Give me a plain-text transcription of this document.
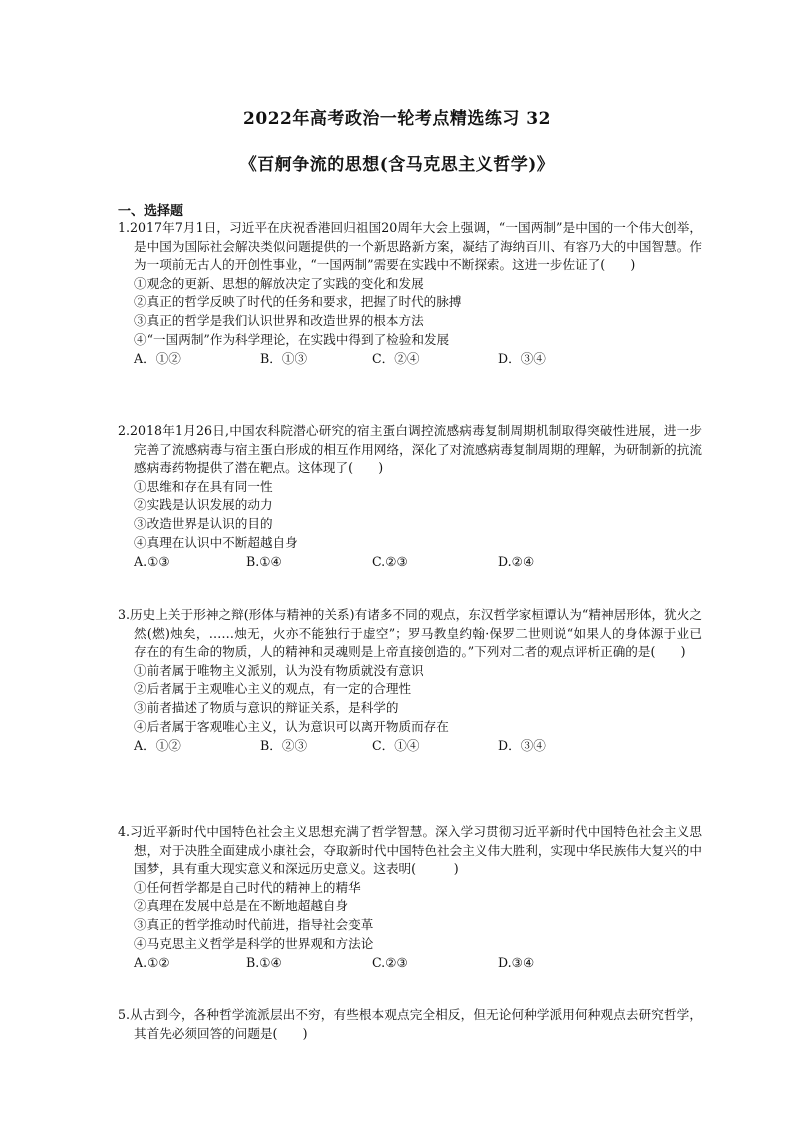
2022年高考政治一轮考点精选练习 32
《百舸争流的思想(含马克思主义哲学)》
一、选择题
1.2017年7月1日，习近平在庆祝香港回归祖国20周年大会上强调，“一国两制”是中国的一个伟大创举，是中国为国际社会解决类似问题提供的一个新思路新方案，凝结了海纳百川、有容乃大的中国智慧。作为一项前无古人的开创性事业，“一国两制”需要在实践中不断探索。这进一步佐证了(　　)
①观念的更新、思想的解放决定了实践的变化和发展
②真正的哲学反映了时代的任务和要求，把握了时代的脉搏
③真正的哲学是我们认识世界和改造世界的根本方法
④“一国两制”作为科学理论，在实践中得到了检验和发展
A．①②	B．①③	C．②④	D．③④
2.2018年1月26日,中国农科院潜心研究的宿主蛋白调控流感病毒复制周期机制取得突破性进展，进一步完善了流感病毒与宿主蛋白形成的相互作用网络，深化了对流感病毒复制周期的理解，为研制新的抗流感病毒药物提供了潜在靶点。这体现了(　　)
①思维和存在具有同一性
②实践是认识发展的动力
③改造世界是认识的目的
④真理在认识中不断超越自身
A.①③	B.①④	C.②③	D.②④
3.历史上关于形神之辩(形体与精神的关系)有诸多不同的观点，东汉哲学家桓谭认为“精神居形体，犹火之然(燃)烛矣，……烛无，火亦不能独行于虚空”；罗马教皇约翰·保罗二世则说“如果人的身体源于业已存在的有生命的物质，人的精神和灵魂则是上帝直接创造的。”下列对二者的观点评析正确的是(　　)
①前者属于唯物主义派别，认为没有物质就没有意识
②后者属于主观唯心主义的观点，有一定的合理性
③前者描述了物质与意识的辩证关系，是科学的
④后者属于客观唯心主义，认为意识可以离开物质而存在
A．①②	B．②③	C．①④	D．③④
4.习近平新时代中国特色社会主义思想充满了哲学智慧。深入学习贯彻习近平新时代中国特色社会主义思想，对于决胜全面建成小康社会，夺取新时代中国特色社会主义伟大胜利，实现中华民族伟大复兴的中国梦，具有重大现实意义和深远历史意义。这表明(　　　)
①任何哲学都是自己时代的精神上的精华
②真理在发展中总是在不断地超越自身
③真正的哲学推动时代前进，指导社会变革
④马克思主义哲学是科学的世界观和方法论
A.①②	B.①④	C.②③	D.③④
5.从古到今，各种哲学流派层出不穷，有些根本观点完全相反，但无论何种学派用何种观点去研究哲学，其首先必须回答的问题是(　　)
